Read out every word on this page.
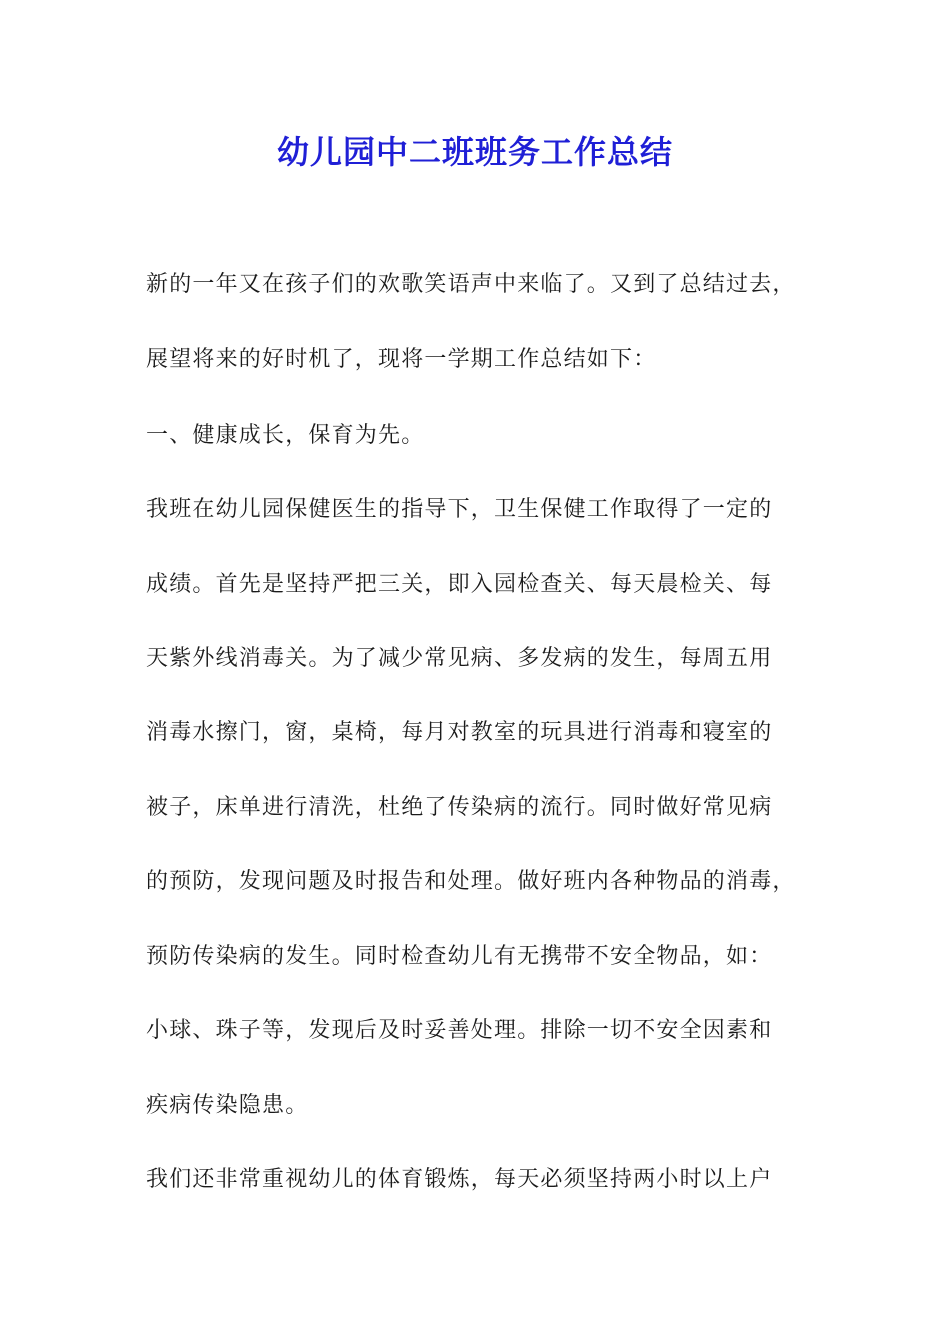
幼儿园中二班班务工作总结
新的一年又在孩子们的欢歌笑语声中来临了。又到了总结过去，
展望将来的好时机了，现将一学期工作总结如下：
一、健康成长，保育为先。
我班在幼儿园保健医生的指导下，卫生保健工作取得了一定的
成绩。首先是坚持严把三关，即入园检查关、每天晨检关、每
天紫外线消毒关。为了减少常见病、多发病的发生，每周五用
消毒水擦门，窗，桌椅，每月对教室的玩具进行消毒和寝室的
被子，床单进行清洗，杜绝了传染病的流行。同时做好常见病
的预防，发现问题及时报告和处理。做好班内各种物品的消毒，
预防传染病的发生。同时检查幼儿有无携带不安全物品，如：
小球、珠子等，发现后及时妥善处理。排除一切不安全因素和
疾病传染隐患。
我们还非常重视幼儿的体育锻炼，每天必须坚持两小时以上户
